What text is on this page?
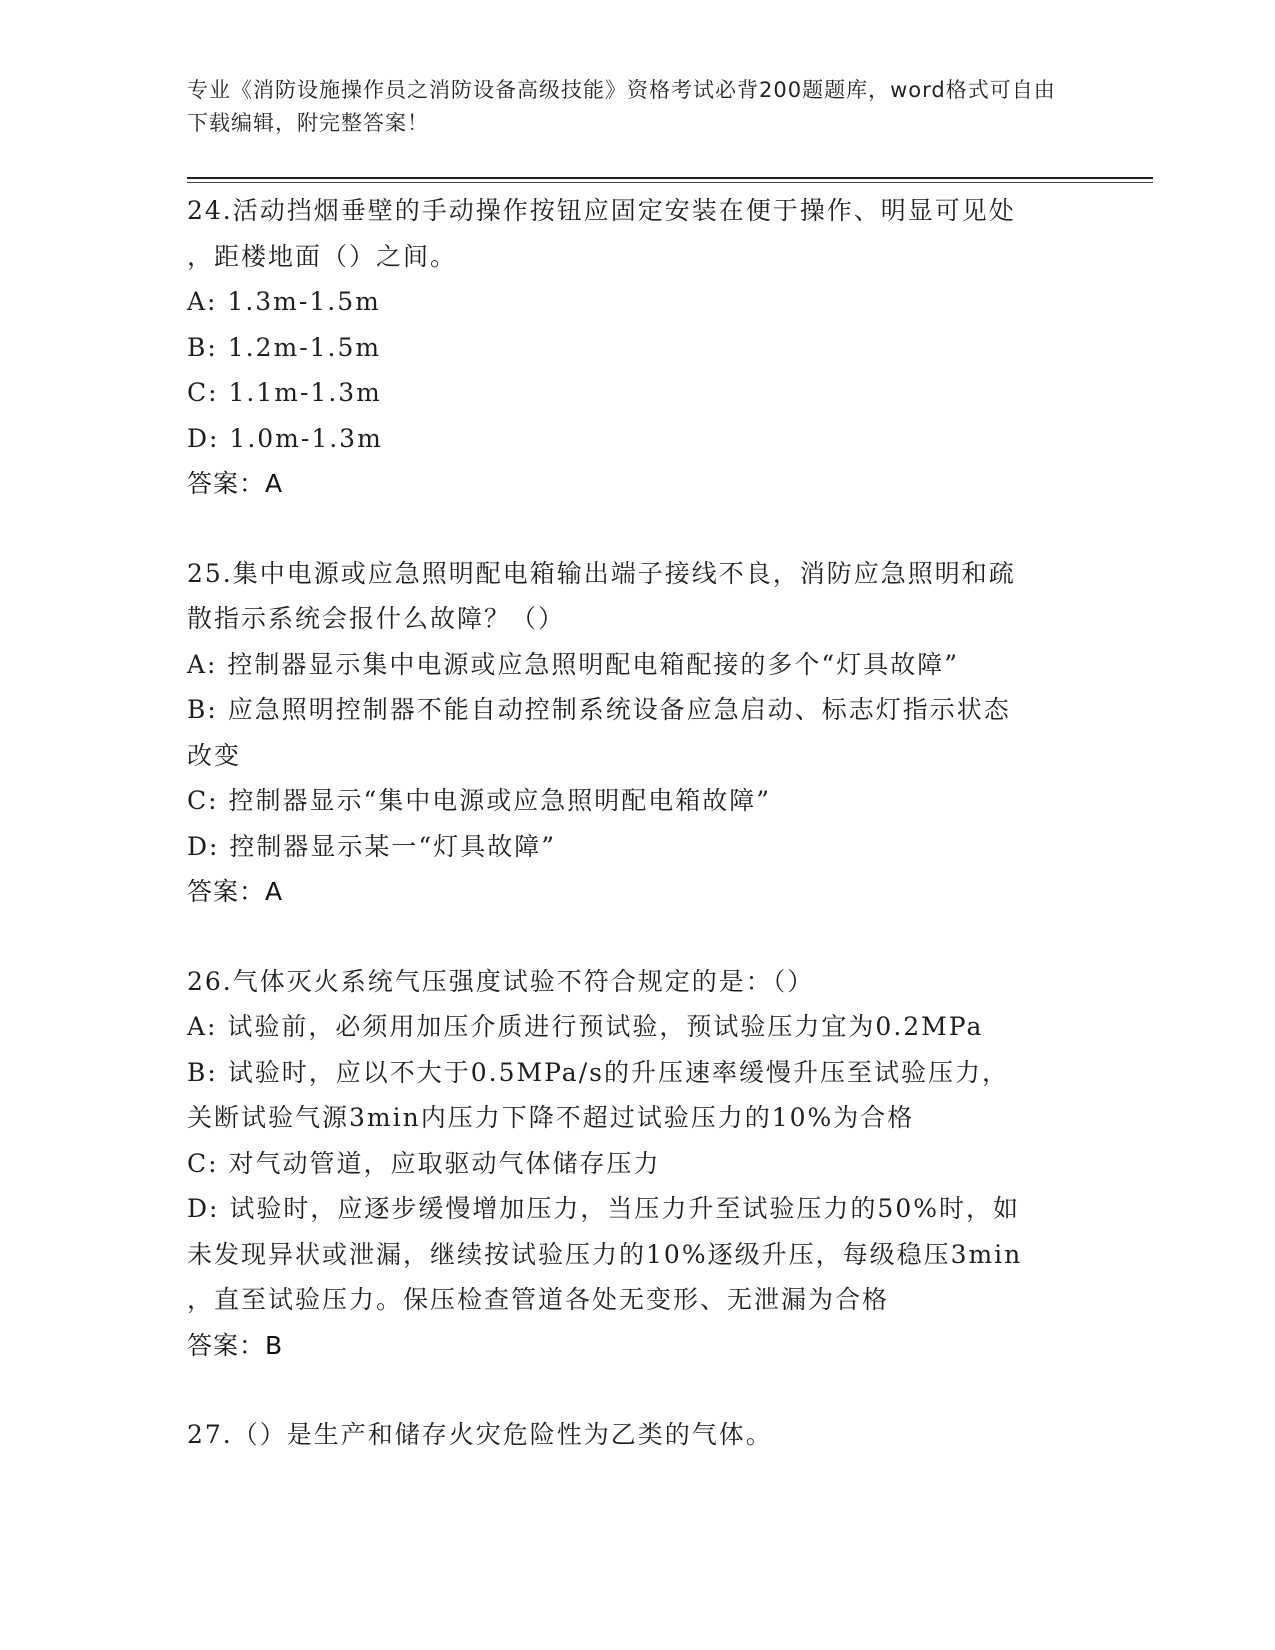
专业《消防设施操作员之消防设备高级技能》资格考试必背200题题库，word格式可自由下载编辑，附完整答案！
24.活动挡烟垂壁的手动操作按钮应固定安装在便于操作、明显可见处
，距楼地面（）之间。
A: 1.3m-1.5m
B: 1.2m-1.5m
C: 1.1m-1.3m
D: 1.0m-1.3m
答案：A
25.集中电源或应急照明配电箱输出端子接线不良，消防应急照明和疏
散指示系统会报什么故障？（）
A: 控制器显示集中电源或应急照明配电箱配接的多个“灯具故障”
B: 应急照明控制器不能自动控制系统设备应急启动、标志灯指示状态
改变
C: 控制器显示“集中电源或应急照明配电箱故障”
D: 控制器显示某一“灯具故障”
答案：A
26.气体灭火系统气压强度试验不符合规定的是：（）
A: 试验前，必须用加压介质进行预试验，预试验压力宜为0.2MPa
B: 试验时，应以不大于0.5MPa/s的升压速率缓慢升压至试验压力，
关断试验气源3min内压力下降不超过试验压力的10%为合格
C: 对气动管道，应取驱动气体储存压力
D: 试验时，应逐步缓慢增加压力，当压力升至试验压力的50%时，如
未发现异状或泄漏，继续按试验压力的10%逐级升压，每级稳压3min
，直至试验压力。保压检查管道各处无变形、无泄漏为合格
答案：B
27.（）是生产和储存火灾危险性为乙类的气体。
